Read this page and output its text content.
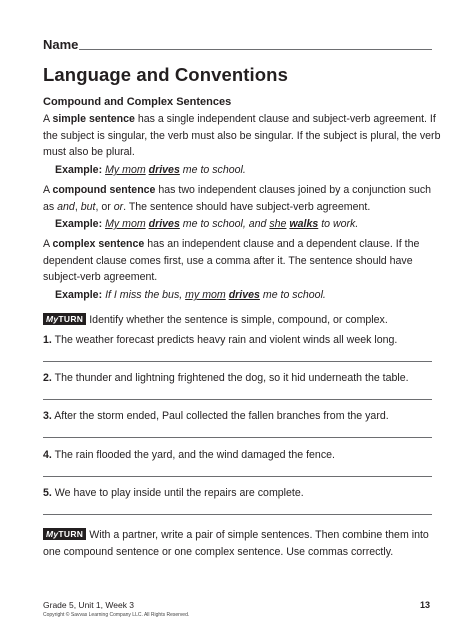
Name
Language and Conventions
Compound and Complex Sentences
A simple sentence has a single independent clause and subject-verb agreement. If the subject is singular, the verb must also be singular. If the subject is plural, the verb must also be plural.
Example: My mom drives me to school.
A compound sentence has two independent clauses joined by a conjunction such as and, but, or or. The sentence should have subject-verb agreement.
Example: My mom drives me to school, and she walks to work.
A complex sentence has an independent clause and a dependent clause. If the dependent clause comes first, use a comma after it. The sentence should have subject-verb agreement.
Example: If I miss the bus, my mom drives me to school.
MyTURN Identify whether the sentence is simple, compound, or complex.
1. The weather forecast predicts heavy rain and violent winds all week long.
2. The thunder and lightning frightened the dog, so it hid underneath the table.
3. After the storm ended, Paul collected the fallen branches from the yard.
4. The rain flooded the yard, and the wind damaged the fence.
5. We have to play inside until the repairs are complete.
MyTURN With a partner, write a pair of simple sentences. Then combine them into one compound sentence or one complex sentence. Use commas correctly.
Grade 5, Unit 1, Week 3
Copyright © Savvas Learning Company LLC. All Rights Reserved.
13
